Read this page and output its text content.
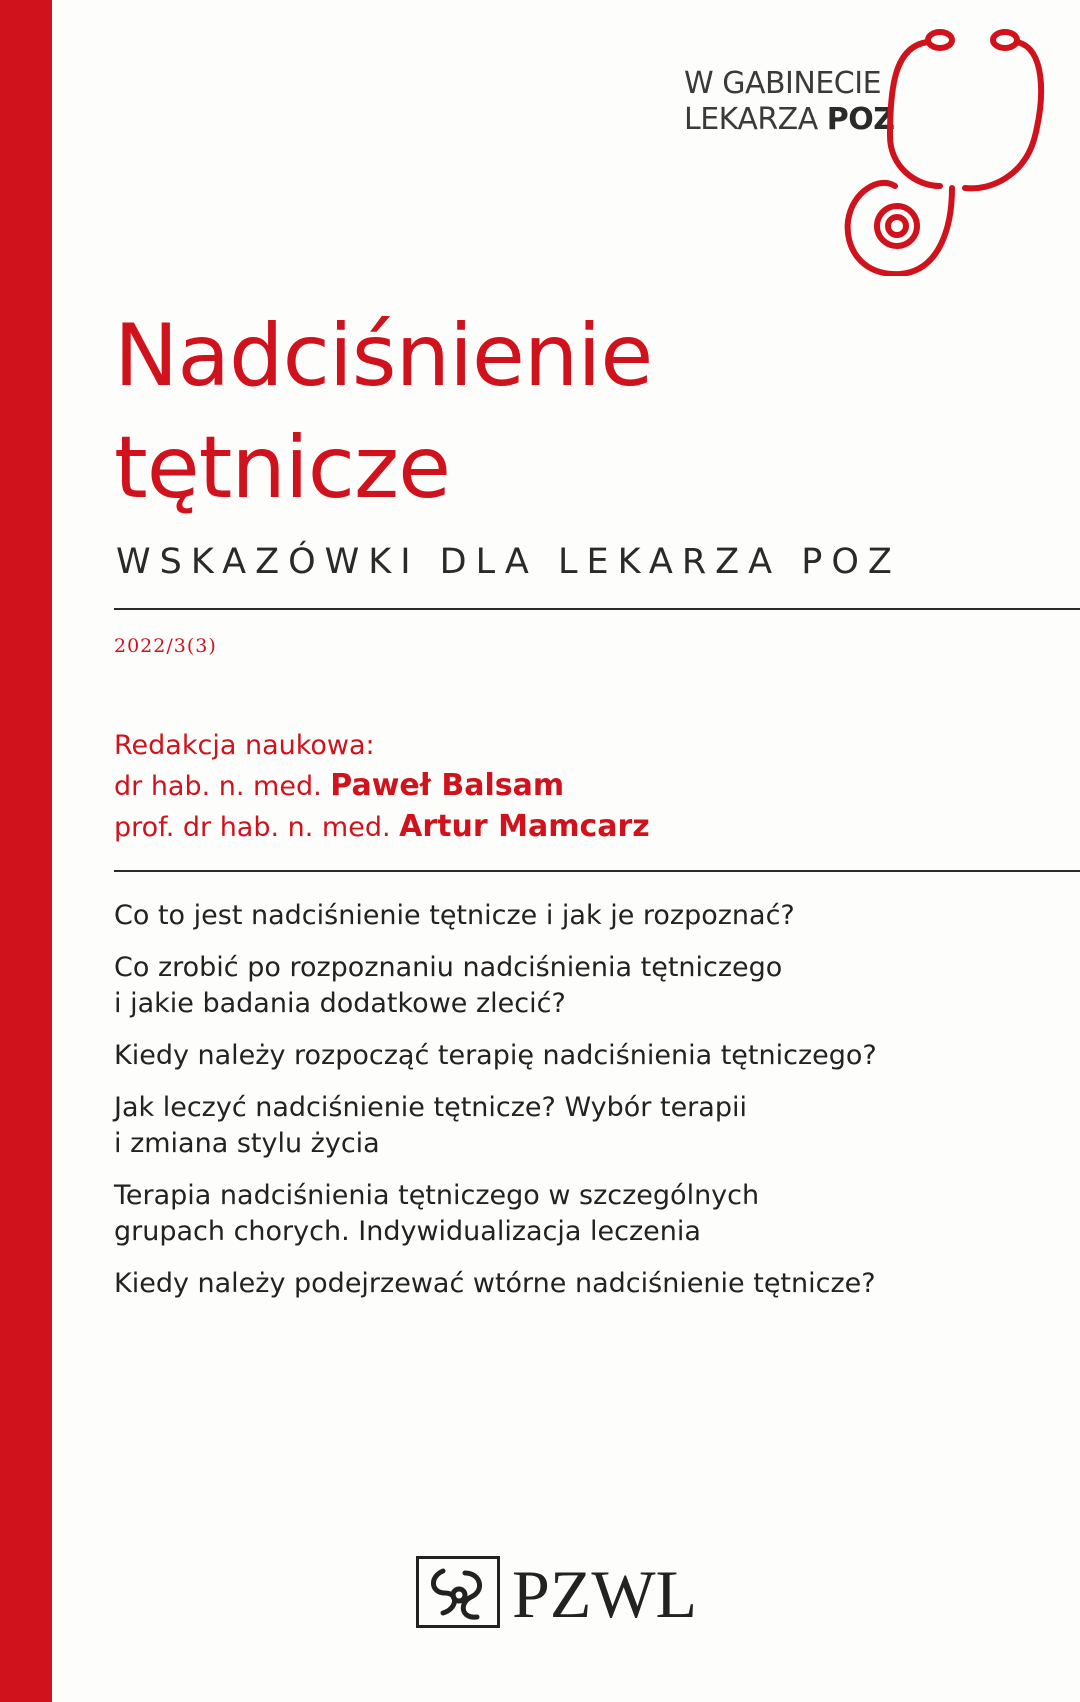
W GABINECIE
LEKARZA POZ
Nadciśnienie
tętnicze
WSKAZÓWKI DLA LEKARZA POZ
2022/3(3)
Redakcja naukowa:
dr hab. n. med. Paweł Balsam
prof. dr hab. n. med. Artur Mamcarz
Co to jest nadciśnienie tętnicze i jak je rozpoznać?
Co zrobić po rozpoznaniu nadciśnienia tętniczego
i jakie badania dodatkowe zlecić?
Kiedy należy rozpocząć terapię nadciśnienia tętniczego?
Jak leczyć nadciśnienie tętnicze? Wybór terapii
i zmiana stylu życia
Terapia nadciśnienia tętniczego w szczególnych
grupach chorych. Indywidualizacja leczenia
Kiedy należy podejrzewać wtórne nadciśnienie tętnicze?
PZWL
